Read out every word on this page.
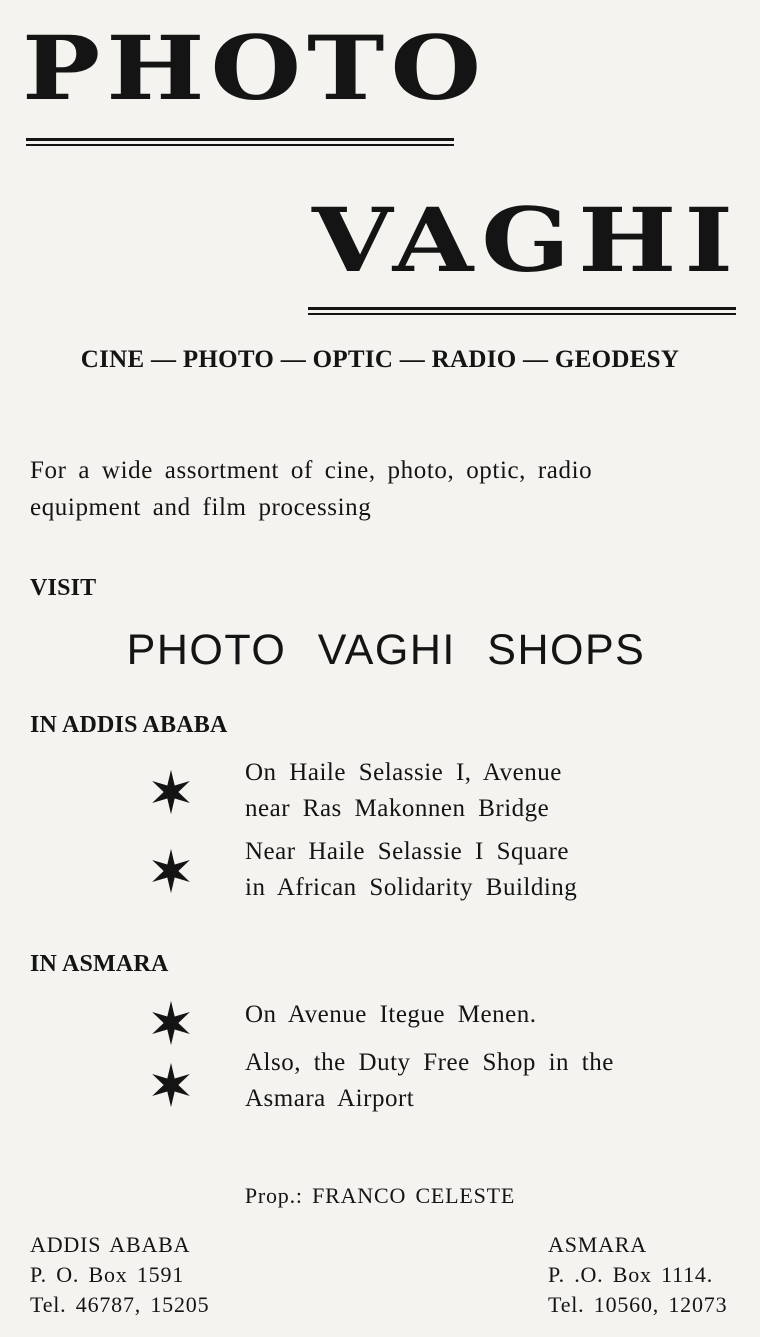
PHOTO
VAGHI
CINE — PHOTO — OPTIC — RADIO — GEODESY
For a wide assortment of cine, photo, optic, radio equipment and film processing
VISIT
PHOTO VAGHI SHOPS
IN ADDIS ABABA
On Haile Selassie I, Avenue
near Ras Makonnen Bridge
Near Haile Selassie I Square
in African Solidarity Building
IN ASMARA
On Avenue Itegue Menen.
Also, the Duty Free Shop in the
Asmara Airport
Prop.: FRANCO CELESTE
ADDIS ABABA
P. O. Box 1591
Tel. 46787, 15205
ASMARA
P. .O. Box 1114.
Tel. 10560, 12073
